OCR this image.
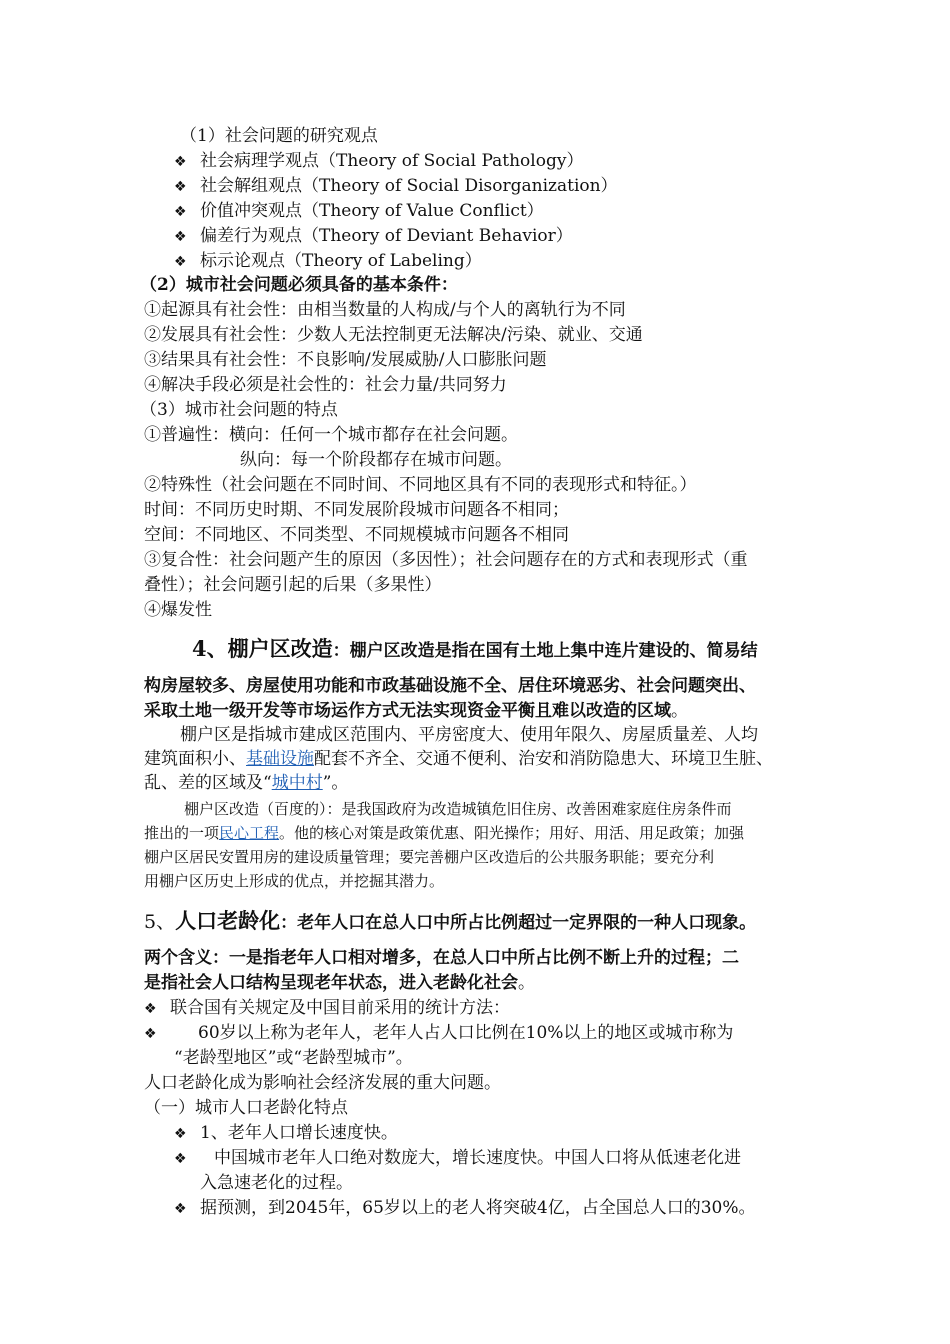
（1）社会问题的研究观点
❖ 社会病理学观点（Theory of Social Pathology）
❖ 社会解组观点（Theory of Social Disorganization）
❖ 价值冲突观点（Theory of Value Conflict）
❖ 偏差行为观点（Theory of Deviant Behavior）
❖ 标示论观点（Theory of Labeling）
（2）城市社会问题必须具备的基本条件：
①起源具有社会性：由相当数量的人构成/与个人的离轨行为不同
②发展具有社会性：少数人无法控制更无法解决/污染、就业、交通
③结果具有社会性：不良影响/发展威胁/人口膨胀问题
④解决手段必须是社会性的：社会力量/共同努力
（3）城市社会问题的特点
①普遍性：横向：任何一个城市都存在社会问题。
纵向：每一个阶段都存在城市问题。
②特殊性（社会问题在不同时间、不同地区具有不同的表现形式和特征。）
时间：不同历史时期、不同发展阶段城市问题各不相同；
空间：不同地区、不同类型、不同规模城市问题各不相同
③复合性：社会问题产生的原因（多因性）；社会问题存在的方式和表现形式（重
叠性）；社会问题引起的后果（多果性）
④爆发性
4、棚户区改造：棚户区改造是指在国有土地上集中连片建设的、简易结
构房屋较多、房屋使用功能和市政基础设施不全、居住环境恶劣、社会问题突出、
采取土地一级开发等市场运作方式无法实现资金平衡且难以改造的区域。
棚户区是指城市建成区范围内、平房密度大、使用年限久、房屋质量差、人均
建筑面积小、基础设施配套不齐全、交通不便利、治安和消防隐患大、环境卫生脏、
乱、差的区域及“城中村”。
棚户区改造（百度的）：是我国政府为改造城镇危旧住房、改善困难家庭住房条件而
推出的一项民心工程。他的核心对策是政策优惠、阳光操作；用好、用活、用足政策；加强
棚户区居民安置用房的建设质量管理；要完善棚户区改造后的公共服务职能；要充分利
用棚户区历史上形成的优点，并挖掘其潜力。
5、人口老龄化：老年人口在总人口中所占比例超过一定界限的一种人口现象。
两个含义：一是指老年人口相对增多，在总人口中所占比例不断上升的过程；二
是指社会人口结构呈现老年状态，进入老龄化社会。
❖ 联合国有关规定及中国目前采用的统计方法：
❖ 60岁以上称为老年人，老年人占人口比例在10%以上的地区或城市称为
“老龄型地区”或“老龄型城市”。
人口老龄化成为影响社会经济发展的重大问题。
（一）城市人口老龄化特点
❖ 1、老年人口增长速度快。
❖ 中国城市老年人口绝对数庞大，增长速度快。中国人口将从低速老化进
入急速老化的过程。
❖ 据预测，到2045年，65岁以上的老人将突破4亿，占全国总人口的30%。
